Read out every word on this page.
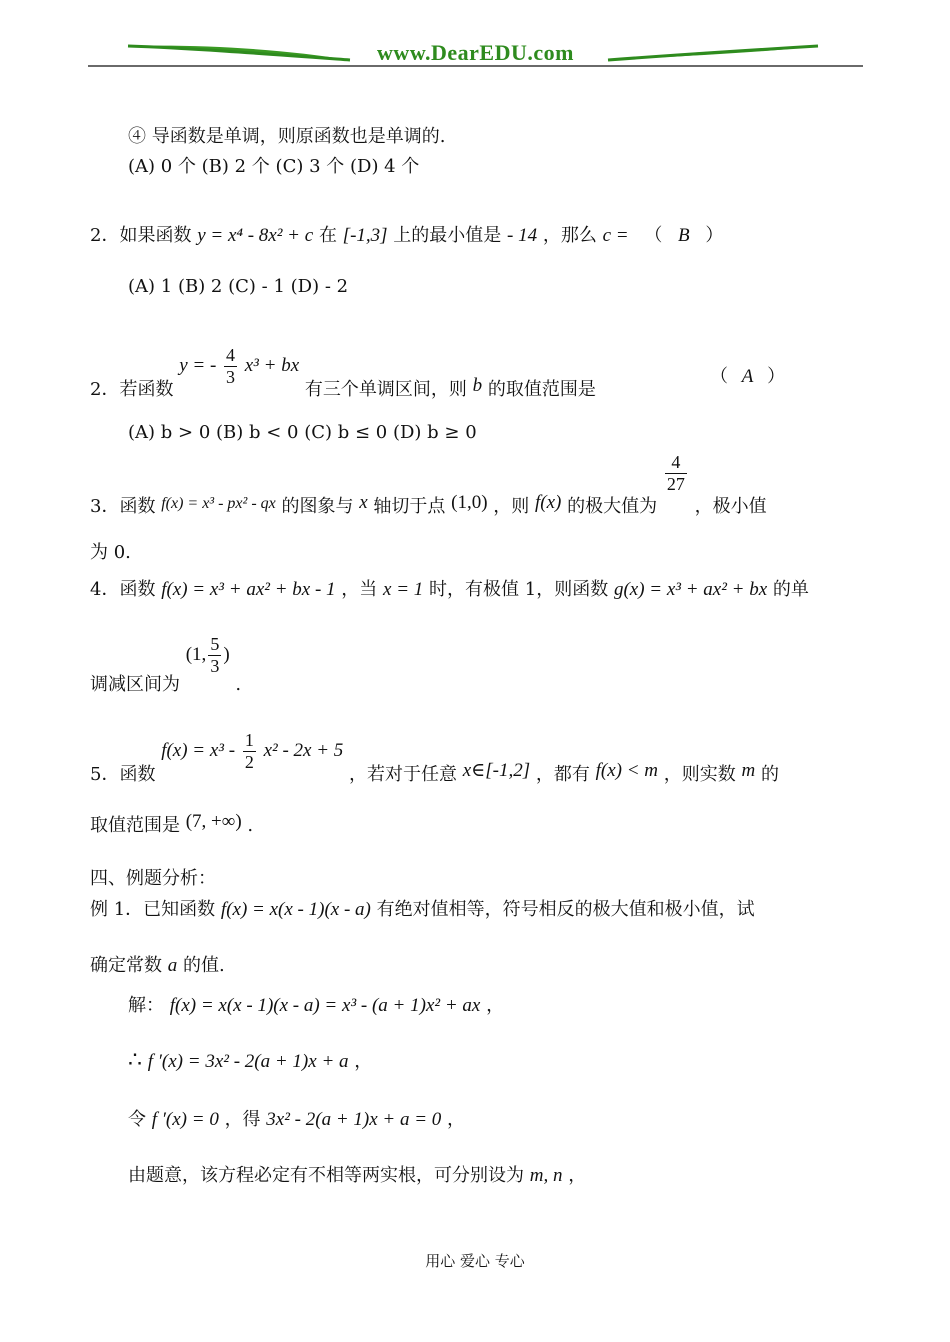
www.DearEDU.com
④ 导函数是单调，则原函数也是单调的.
(A) 0 个 (B) 2 个 (C) 3 个 (D) 4 个
2．如果函数 y = x⁴ - 8x² + c 在 [-1,3] 上的最小值是 - 14 ，那么 c = （ B ）
(A) 1 (B) 2 (C) - 1 (D) - 2
2．若函数 y = - $\frac{4}{3} x^3$ + bx 有三个单调区间，则 b 的取值范围是
（ A ）
(A) b > 0 (B) b < 0 (C) b ≤ 0 (D) b ≥ 0
3．函数 f(x) = x³ - px² - qx 的图象与 x 轴切于点 (1,0) ，则 f(x) 的极大值为
$\frac{4}{27}$
，极小值
为 0.
4．函数 f(x) = x³ + ax² + bx - 1 ，当 x = 1 时，有极值 1，则函数 g(x) = x³ + ax² + bx 的单
调减区间为 (1, $\frac{5}{3}$ ) .
5．函数 $f(x) = x^3 - \frac{1}{2} x^2 - 2x + 5$ ，若对于任意 x∈[-1,2] ，都有 f(x) < m ，则实数 m 的
取值范围是 (7, +∞) .
四、例题分析：
例 1．已知函数 f(x) = x(x - 1)(x - a) 有绝对值相等，符号相反的极大值和极小值，试
确定常数 a 的值.
解： f(x) = x(x - 1)(x - a) = x³ - (a + 1)x² + ax ，
∴ f ′(x) = 3x² - 2(a + 1)x + a ，
令 f ′(x) = 0 ，得 3x² - 2(a + 1)x + a = 0 ，
由题意，该方程必定有不相等两实根，可分别设为 m, n ，
用心 爱心 专心
